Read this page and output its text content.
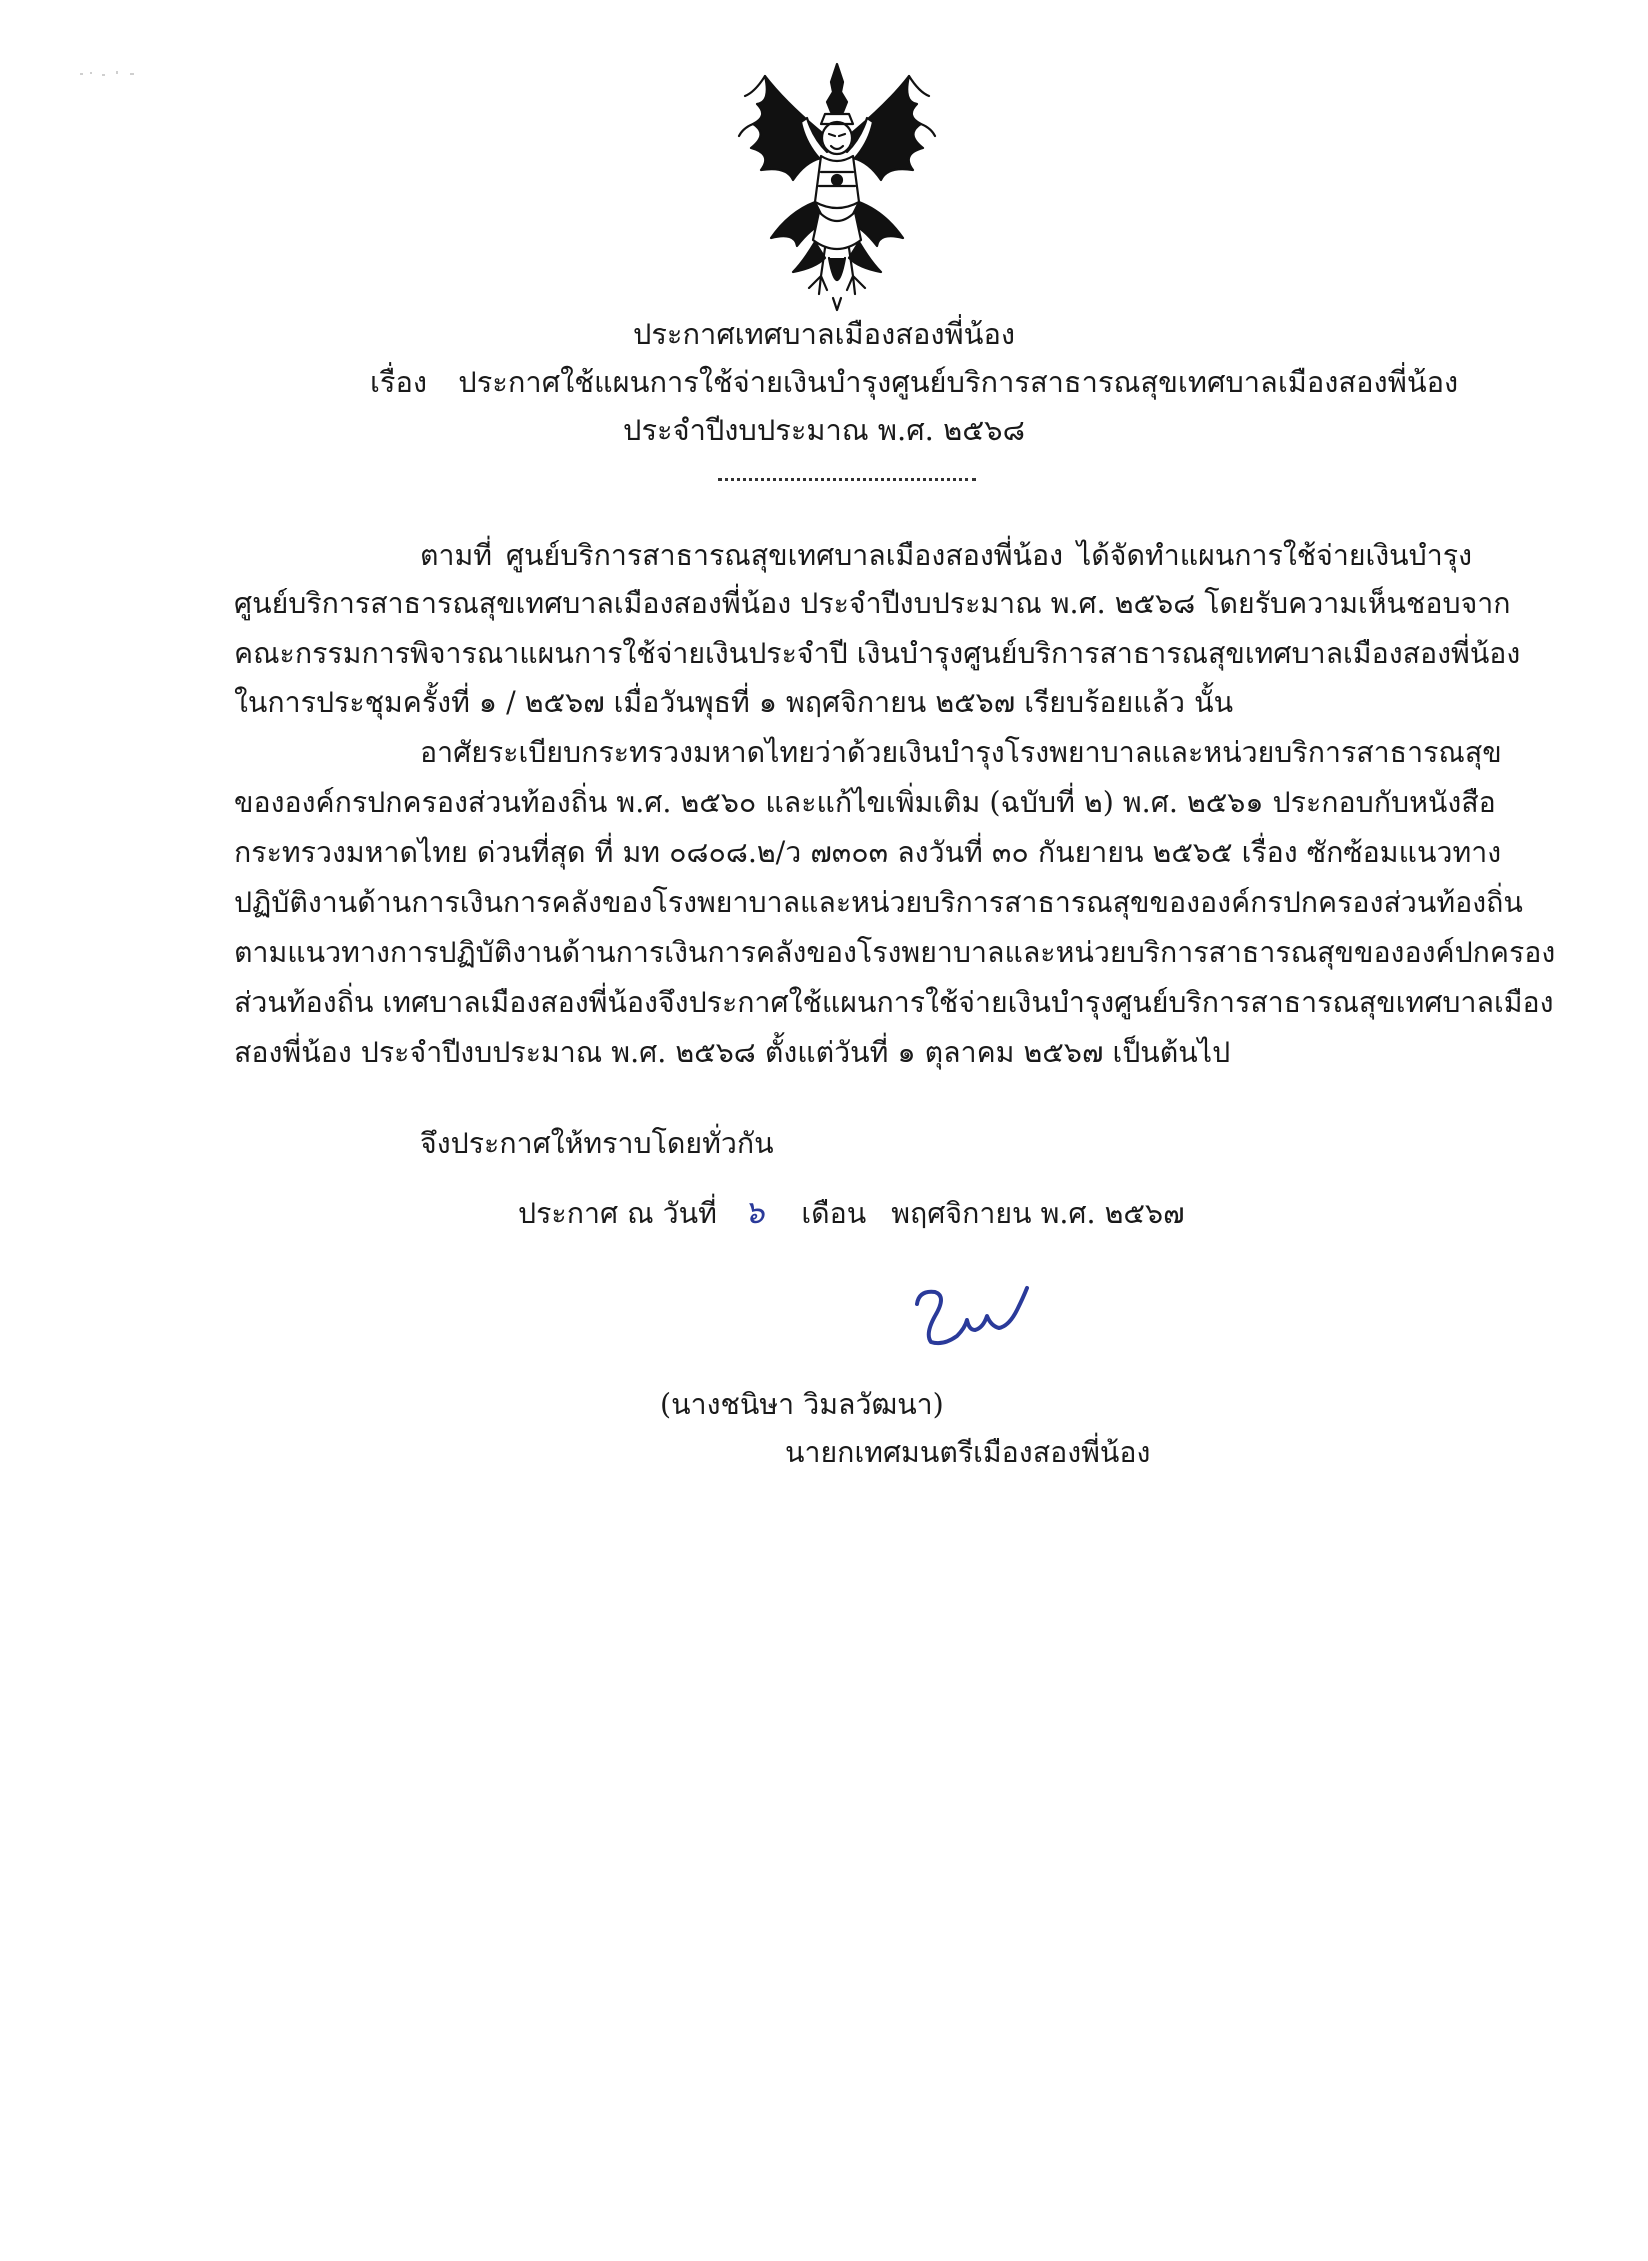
ประกาศเทศบาลเมืองสองพี่น้อง
เรื่อง ประกาศใช้แผนการใช้จ่ายเงินบำรุงศูนย์บริการสาธารณสุขเทศบาลเมืองสองพี่น้อง
ประจำปีงบประมาณ พ.ศ. ๒๕๖๘
ตามที่ ศูนย์บริการสาธารณสุขเทศบาลเมืองสองพี่น้อง ได้จัดทำแผนการใช้จ่ายเงินบำรุง
ศูนย์บริการสาธารณสุขเทศบาลเมืองสองพี่น้อง ประจำปีงบประมาณ พ.ศ. ๒๕๖๘ โดยรับความเห็นชอบจาก
คณะกรรมการพิจารณาแผนการใช้จ่ายเงินประจำปี เงินบำรุงศูนย์บริการสาธารณสุขเทศบาลเมืองสองพี่น้อง
ในการประชุมครั้งที่ ๑ / ๒๕๖๗ เมื่อวันพุธที่ ๑ พฤศจิกายน ๒๕๖๗ เรียบร้อยแล้ว นั้น
อาศัยระเบียบกระทรวงมหาดไทยว่าด้วยเงินบำรุงโรงพยาบาลและหน่วยบริการสาธารณสุข
ขององค์กรปกครองส่วนท้องถิ่น พ.ศ. ๒๕๖๐ และแก้ไขเพิ่มเติม (ฉบับที่ ๒) พ.ศ. ๒๕๖๑ ประกอบกับหนังสือ
กระทรวงมหาดไทย ด่วนที่สุด ที่ มท ๐๘๐๘.๒/ว ๗๓๐๓ ลงวันที่ ๓๐ กันยายน ๒๕๖๕ เรื่อง ซักซ้อมแนวทาง
ปฏิบัติงานด้านการเงินการคลังของโรงพยาบาลและหน่วยบริการสาธารณสุขขององค์กรปกครองส่วนท้องถิ่น
ตามแนวทางการปฏิบัติงานด้านการเงินการคลังของโรงพยาบาลและหน่วยบริการสาธารณสุขขององค์ปกครอง
ส่วนท้องถิ่น เทศบาลเมืองสองพี่น้องจึงประกาศใช้แผนการใช้จ่ายเงินบำรุงศูนย์บริการสาธารณสุขเทศบาลเมือง
สองพี่น้อง ประจำปีงบประมาณ พ.ศ. ๒๕๖๘ ตั้งแต่วันที่ ๑ ตุลาคม ๒๕๖๗ เป็นต้นไป
จึงประกาศให้ทราบโดยทั่วกัน
ประกาศ ณ วันที่ ๖ เดือน พฤศจิกายน พ.ศ. ๒๕๖๗
(นางชนิษา วิมลวัฒนา)
นายกเทศมนตรีเมืองสองพี่น้อง
